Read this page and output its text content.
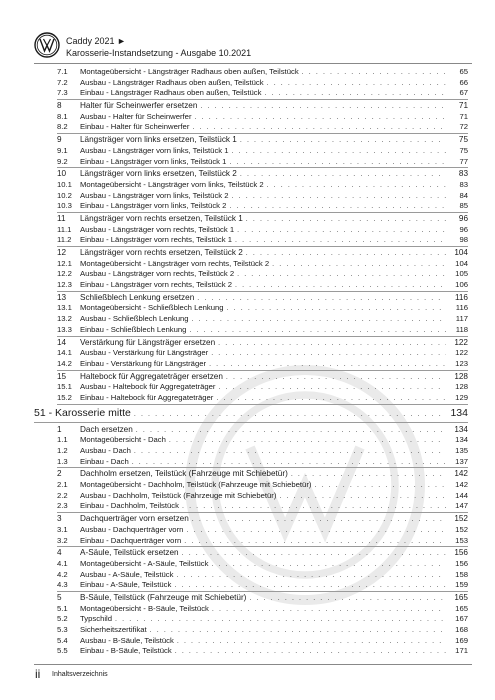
Caddy 2021 ►
Karosserie-Instandsetzung - Ausgabe 10.2021
7.1	Montageübersicht - Längsträger Radhaus oben außen, Teilstück . . .	65
7.2	Ausbau - Längsträger Radhaus oben außen, Teilstück . . .	66
7.3	Einbau - Längsträger Radhaus oben außen, Teilstück . . .	67
8	Halter für Scheinwerfer ersetzen . . .	71
8.1	Ausbau - Halter für Scheinwerfer . . .	71
8.2	Einbau - Halter für Scheinwerfer . . .	72
9	Längsträger vorn links ersetzen, Teilstück 1 . . .	75
9.1	Ausbau - Längsträger vorn links, Teilstück 1 . . .	75
9.2	Einbau - Längsträger vorn links, Teilstück 1 . . .	77
10	Längsträger vorn links ersetzen, Teilstück 2 . . .	83
10.1	Montageübersicht - Längsträger vorn links, Teilstück 2 . . .	83
10.2	Ausbau - Längsträger vorn links, Teilstück 2 . . .	84
10.3	Einbau - Längsträger vorn links, Teilstück 2 . . .	85
11	Längsträger vorn rechts ersetzen, Teilstück 1 . . .	96
11.1	Ausbau - Längsträger vorn rechts, Teilstück 1 . . .	96
11.2	Einbau - Längsträger vorn rechts, Teilstück 1 . . .	98
12	Längsträger vorn rechts ersetzen, Teilstück 2 . . .	104
12.1	Montageübersicht - Längsträger vorn rechts, Teilstück 2 . . .	104
12.2	Ausbau - Längsträger vorn rechts, Teilstück 2 . . .	105
12.3	Einbau - Längsträger vorn rechts, Teilstück 2 . . .	106
13	Schließblech Lenkung ersetzen . . .	116
13.1	Montageübersicht - Schließblech Lenkung . . .	116
13.2	Ausbau - Schließblech Lenkung . . .	117
13.3	Einbau - Schließblech Lenkung . . .	118
14	Verstärkung für Längsträger ersetzen . . .	122
14.1	Ausbau - Verstärkung für Längsträger . . .	122
14.2	Einbau - Verstärkung für Längsträger . . .	123
15	Haltebock für Aggregateträger ersetzen . . .	128
15.1	Ausbau - Haltebock für Aggregateträger . . .	128
15.2	Einbau - Haltebock für Aggregateträger . . .	129
51 - Karosserie mitte . . .	134
1	Dach ersetzen . . .	134
1.1	Montageübersicht - Dach . . .	134
1.2	Ausbau - Dach . . .	135
1.3	Einbau - Dach . . .	137
2	Dachholm ersetzen, Teilstück (Fahrzeuge mit Schiebetür) . . .	142
2.1	Montageübersicht - Dachholm, Teilstück (Fahrzeuge mit Schiebetür) . . .	142
2.2	Ausbau - Dachholm, Teilstück (Fahrzeuge mit Schiebetür) . . .	144
2.3	Einbau - Dachholm, Teilstück . . .	147
3	Dachquerträger vorn ersetzen . . .	152
3.1	Ausbau - Dachquerträger vorn . . .	152
3.2	Einbau - Dachquerträger vorn . . .	153
4	A-Säule, Teilstück ersetzen . . .	156
4.1	Montageübersicht - A-Säule, Teilstück . . .	156
4.2	Ausbau - A-Säule, Teilstück . . .	158
4.3	Einbau - A-Säule, Teilstück . . .	159
5	B-Säule, Teilstück (Fahrzeuge mit Schiebetür) . . .	165
5.1	Montageübersicht - B-Säule, Teilstück . . .	165
5.2	Typschild . . .	167
5.3	Sicherheitszertifikat . . .	168
5.4	Ausbau - B-Säule, Teilstück . . .	169
5.5	Einbau - B-Säule, Teilstück . . .	171
ii Inhaltsverzeichnis
